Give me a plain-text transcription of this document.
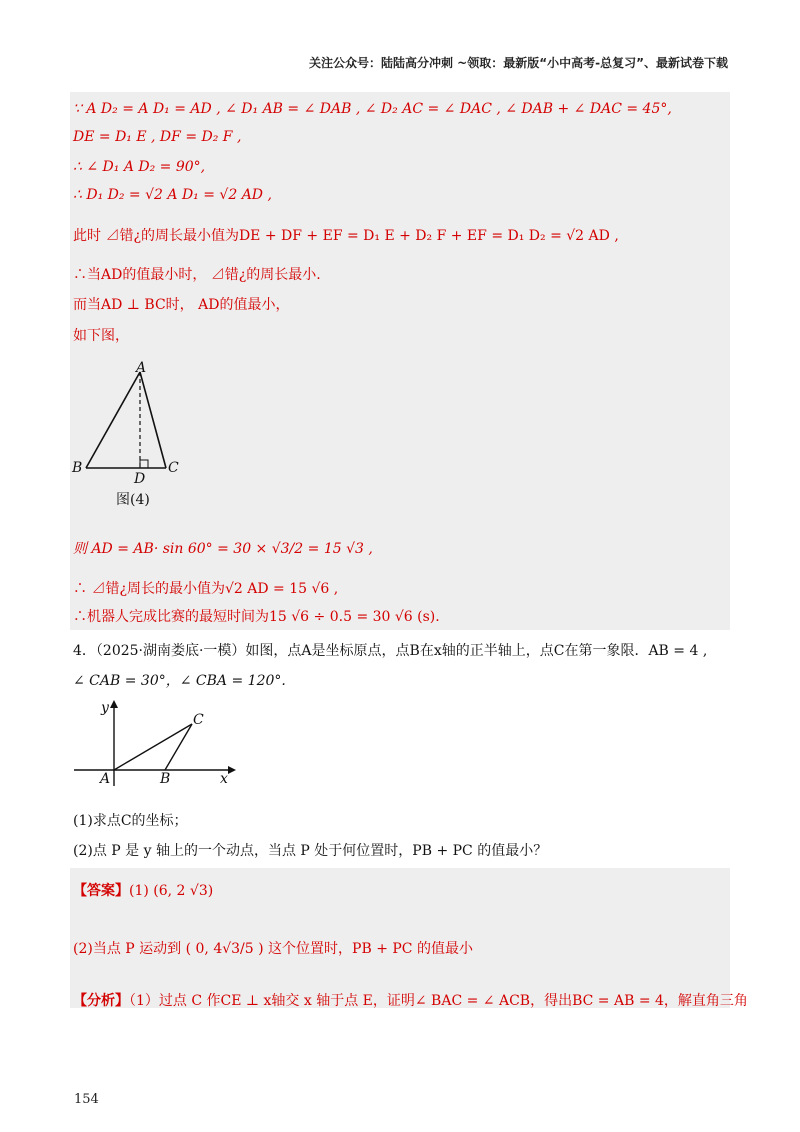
关注公众号：陆陆高分冲刺 ~领取：最新版“小中高考-总复习”、最新试卷下载
∵ A D₂ = A D₁ = AD , ∠ D₁ AB = ∠ DAB , ∠ D₂ AC = ∠ DAC , ∠ DAB + ∠ DAC = 45°,
DE = D₁ E , DF = D₂ F ,
∴ ∠ D₁ A D₂ = 90°,
∴ D₁ D₂ = √2 A D₁ = √2 AD ,
此时 ⊿错¿的周长最小值为DE + DF + EF = D₁ E + D₂ F + EF = D₁ D₂ = √2 AD ,
∴当AD的值最小时， ⊿错¿的周长最小.
而当AD ⊥ BC时， AD的值最小，
如下图，
A
B	C
D
图(4)
则 AD = AB· sin 60° = 30 × √3/2 = 15 √3 ,
∴ ⊿错¿周长的最小值为√2 AD = 15 √6 ,
∴机器人完成比赛的最短时间为15 √6 ÷ 0.5 = 30 √6 (s).
4．（2025·湖南娄底·一模）如图，点A是坐标原点，点B在x轴的正半轴上，点C在第一象限．AB = 4 ,
∠ CAB = 30°，∠ CBA = 120°.
y
C
A	B	x
(1)求点C的坐标；
(2)点 P 是 y 轴上的一个动点，当点 P 处于何位置时，PB + PC 的值最小？
【答案】(1) (6, 2 √3)
(2)当点 P 运动到 ( 0, 4√3/5 ) 这个位置时，PB + PC 的值最小
【分析】（1）过点 C 作CE ⊥ x轴交 x 轴于点 E，证明∠ BAC = ∠ ACB，得出BC = AB = 4，解直角三角
154
